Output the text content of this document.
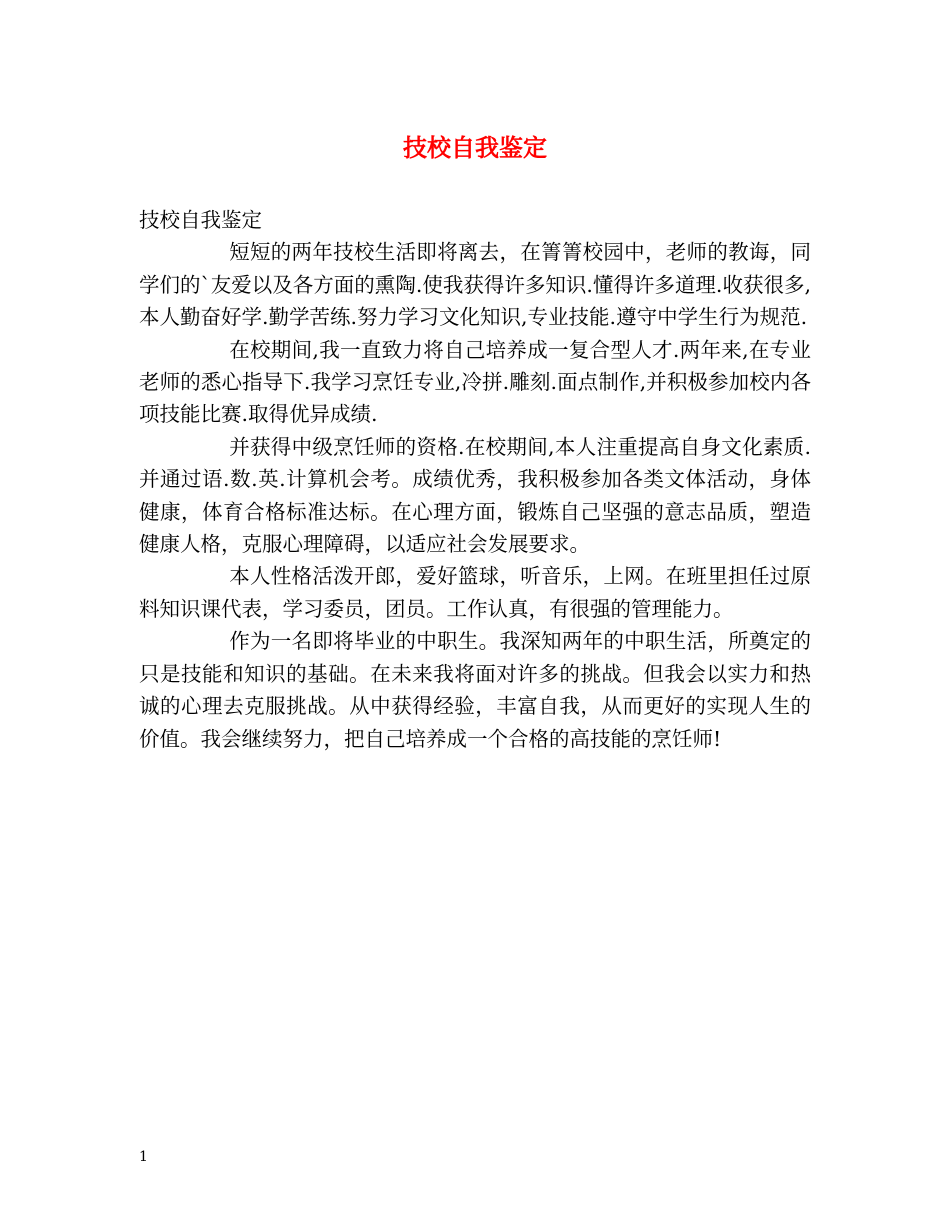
技校自我鉴定

技校自我鉴定

短短的两年技校生活即将离去，在箐箐校园中，老师的教诲，同学们的`友爱以及各方面的熏陶.使我获得许多知识.懂得许多道理.收获很多,本人勤奋好学.勤学苦练.努力学习文化知识,专业技能.遵守中学生行为规范.

在校期间,我一直致力将自己培养成一复合型人才.两年来,在专业老师的悉心指导下.我学习烹饪专业,冷拼.雕刻.面点制作,并积极参加校内各项技能比赛.取得优异成绩.

并获得中级烹饪师的资格.在校期间,本人注重提高自身文化素质.并通过语.数.英.计算机会考。成绩优秀，我积极参加各类文体活动，身体健康，体育合格标准达标。在心理方面，锻炼自己坚强的意志品质，塑造健康人格，克服心理障碍，以适应社会发展要求。

本人性格活泼开郎，爱好篮球，听音乐，上网。在班里担任过原料知识课代表，学习委员，团员。工作认真，有很强的管理能力。

作为一名即将毕业的中职生。我深知两年的中职生活，所奠定的只是技能和知识的基础。在未来我将面对许多的挑战。但我会以实力和热诚的心理去克服挑战。从中获得经验，丰富自我，从而更好的实现人生的价值。我会继续努力，把自己培养成一个合格的高技能的烹饪师!

1
